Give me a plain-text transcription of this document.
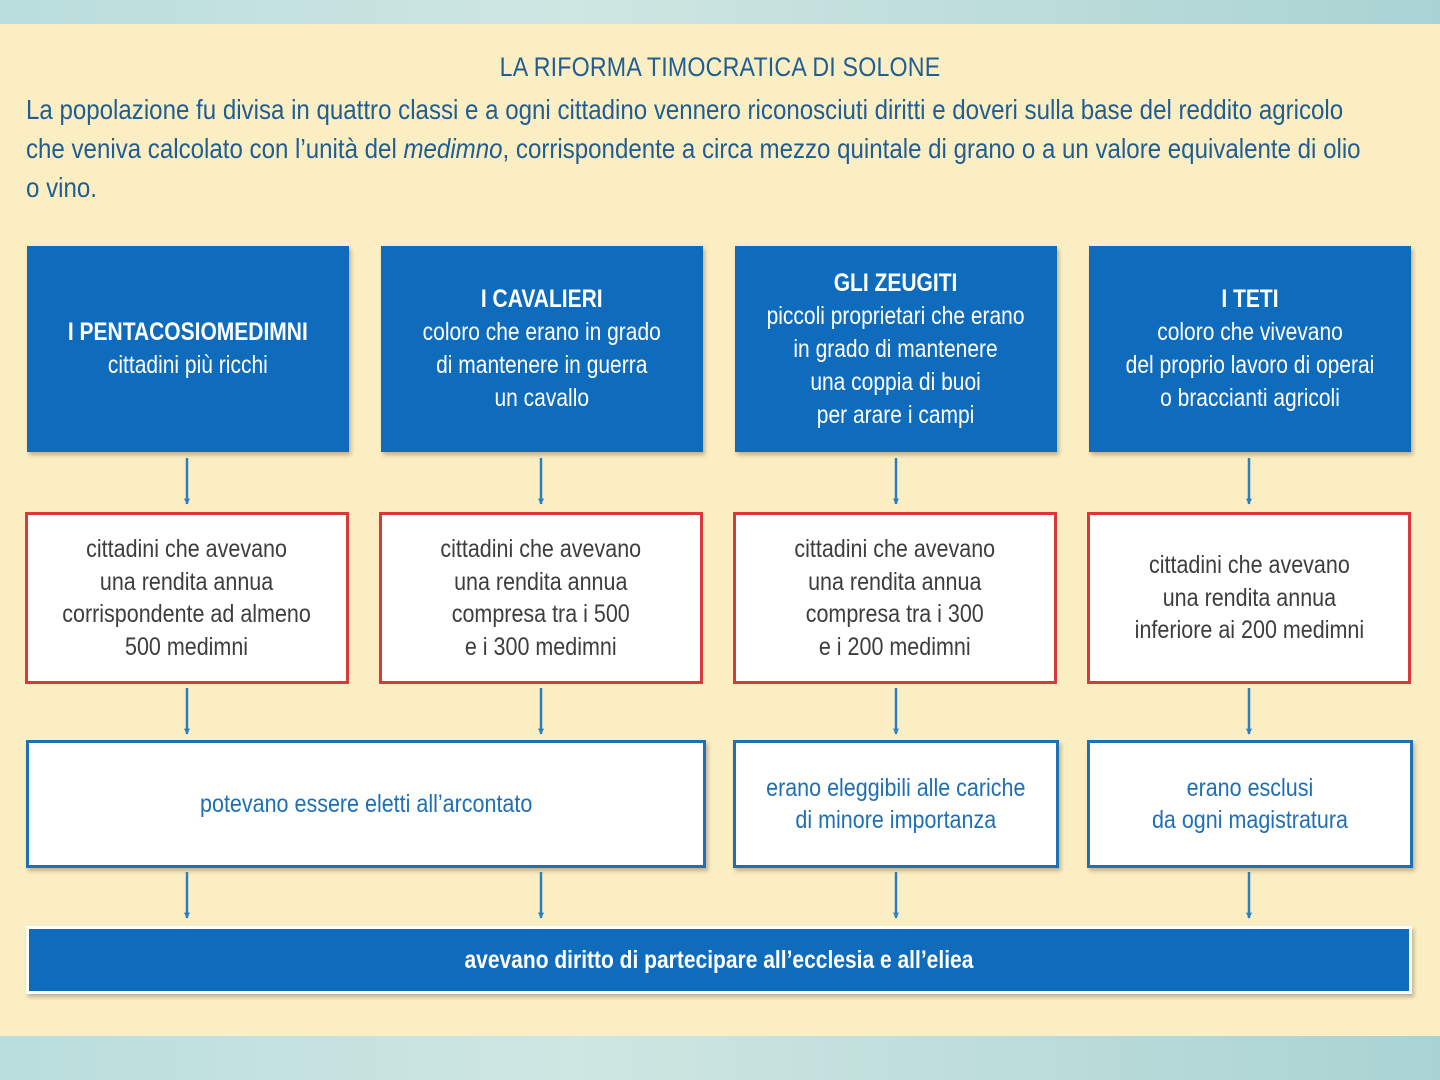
LA RIFORMA TIMOCRATICA DI SOLONE

La popolazione fu divisa in quattro classi e a ogni cittadino vennero riconosciuti diritti e doveri sulla base del reddito agricolo

che veniva calcolato con l’unità del medimno, corrispondente a circa mezzo quintale di grano o a un valore equivalente di olio

o vino.

I PENTACOSIOMEDIMNI
cittadini più ricchi
I CAVALIERI
coloro che erano in grado
di mantenere in guerra
un cavallo
GLI ZEUGITI
piccoli proprietari che erano
in grado di mantenere
una coppia di buoi
per arare i campi
I TETI
coloro che vivevano
del proprio lavoro di operai
o braccianti agricoli
cittadini che avevano
una rendita annua
corrispondente ad almeno
500 medimni
cittadini che avevano
una rendita annua
compresa tra i 500
e i 300 medimni
cittadini che avevano
una rendita annua
compresa tra i 300
e i 200 medimni
cittadini che avevano
una rendita annua
inferiore ai 200 medimni
potevano essere eletti all’arcontato
erano eleggibili alle cariche
di minore importanza
erano esclusi
da ogni magistratura
avevano diritto di partecipare all’ecclesia e all’eliea
